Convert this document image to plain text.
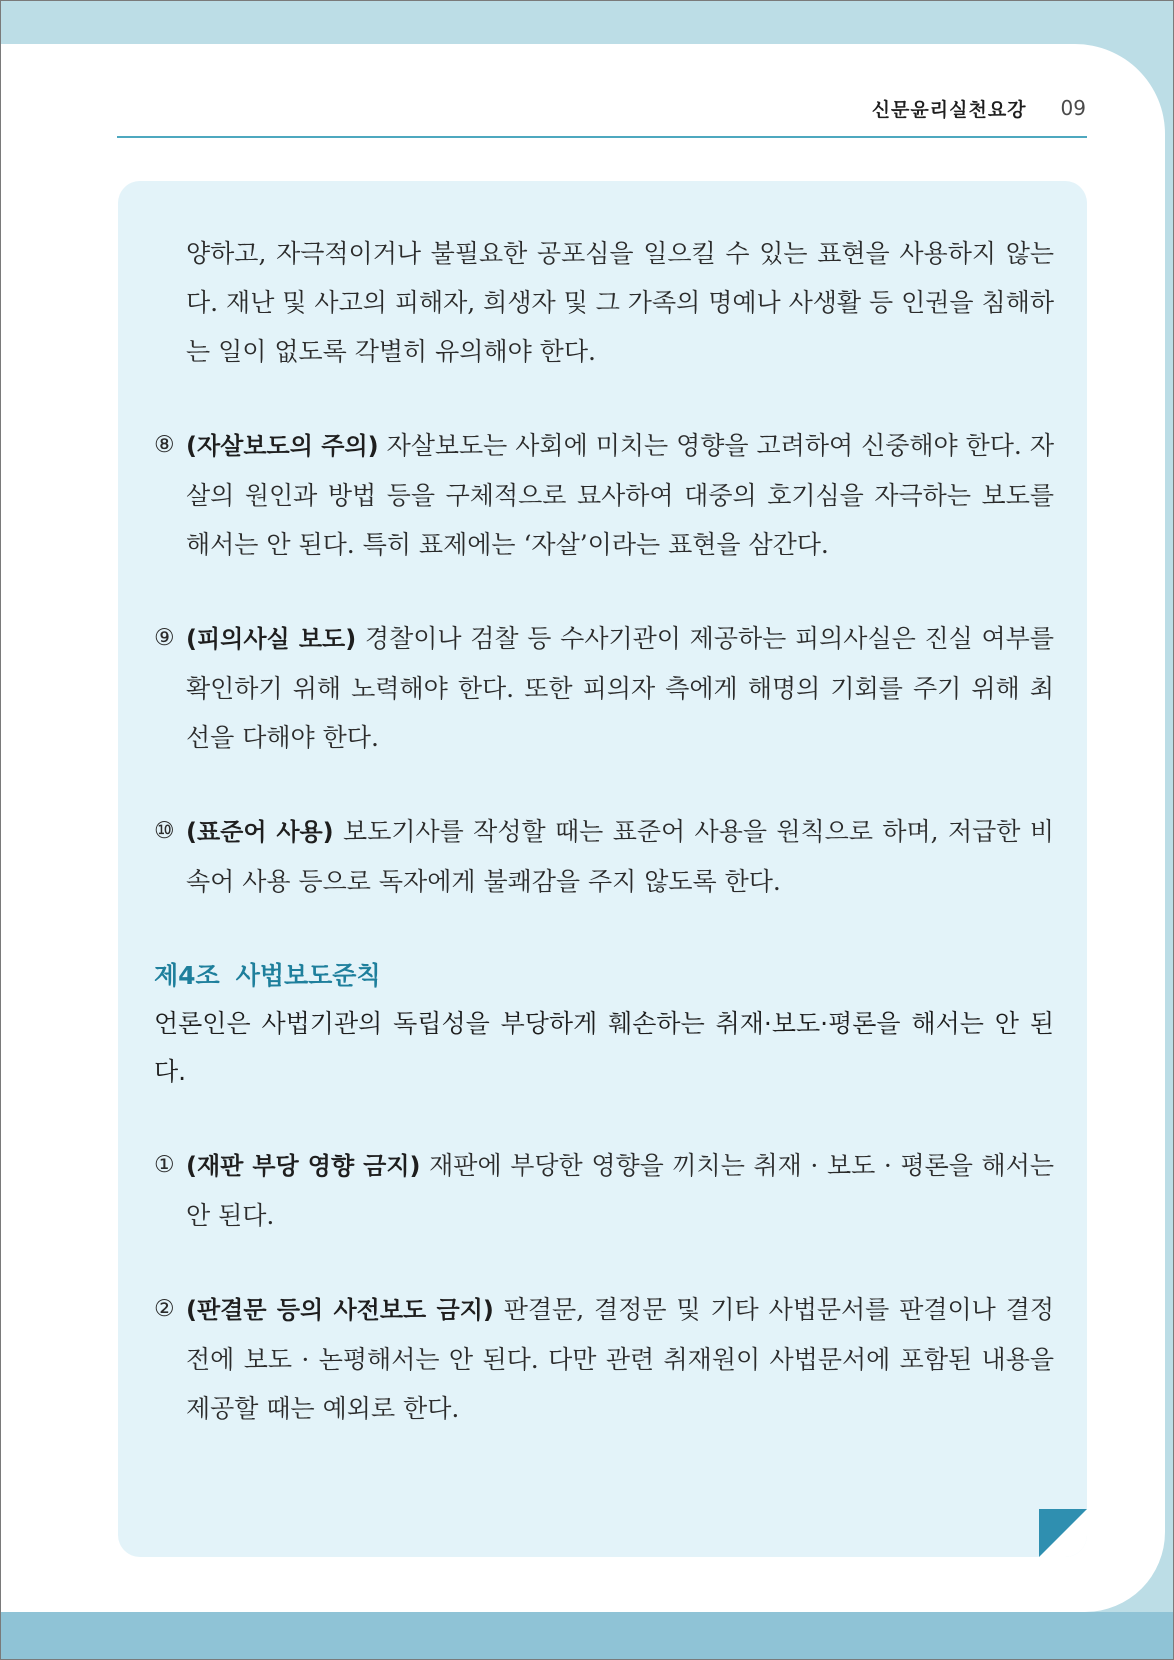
신문윤리실천요강 09
양하고, 자극적이거나 불필요한 공포심을 일으킬 수 있는 표현을 사용하지 않는다. 재난 및 사고의 피해자, 희생자 및 그 가족의 명예나 사생활 등 인권을 침해하는 일이 없도록 각별히 유의해야 한다.
⑧ (자살보도의 주의) 자살보도는 사회에 미치는 영향을 고려하여 신중해야 한다. 자살의 원인과 방법 등을 구체적으로 묘사하여 대중의 호기심을 자극하는 보도를 해서는 안 된다. 특히 표제에는 ‘자살’이라는 표현을 삼간다.
⑨ (피의사실 보도) 경찰이나 검찰 등 수사기관이 제공하는 피의사실은 진실 여부를 확인하기 위해 노력해야 한다. 또한 피의자 측에게 해명의 기회를 주기 위해 최선을 다해야 한다.
⑩ (표준어 사용) 보도기사를 작성할 때는 표준어 사용을 원칙으로 하며, 저급한 비속어 사용 등으로 독자에게 불쾌감을 주지 않도록 한다.
제4조 사법보도준칙
언론인은 사법기관의 독립성을 부당하게 훼손하는 취재·보도·평론을 해서는 안 된다.
① (재판 부당 영향 금지) 재판에 부당한 영향을 끼치는 취재 · 보도 · 평론을 해서는 안 된다.
② (판결문 등의 사전보도 금지) 판결문, 결정문 및 기타 사법문서를 판결이나 결정 전에 보도 · 논평해서는 안 된다. 다만 관련 취재원이 사법문서에 포함된 내용을 제공할 때는 예외로 한다.
